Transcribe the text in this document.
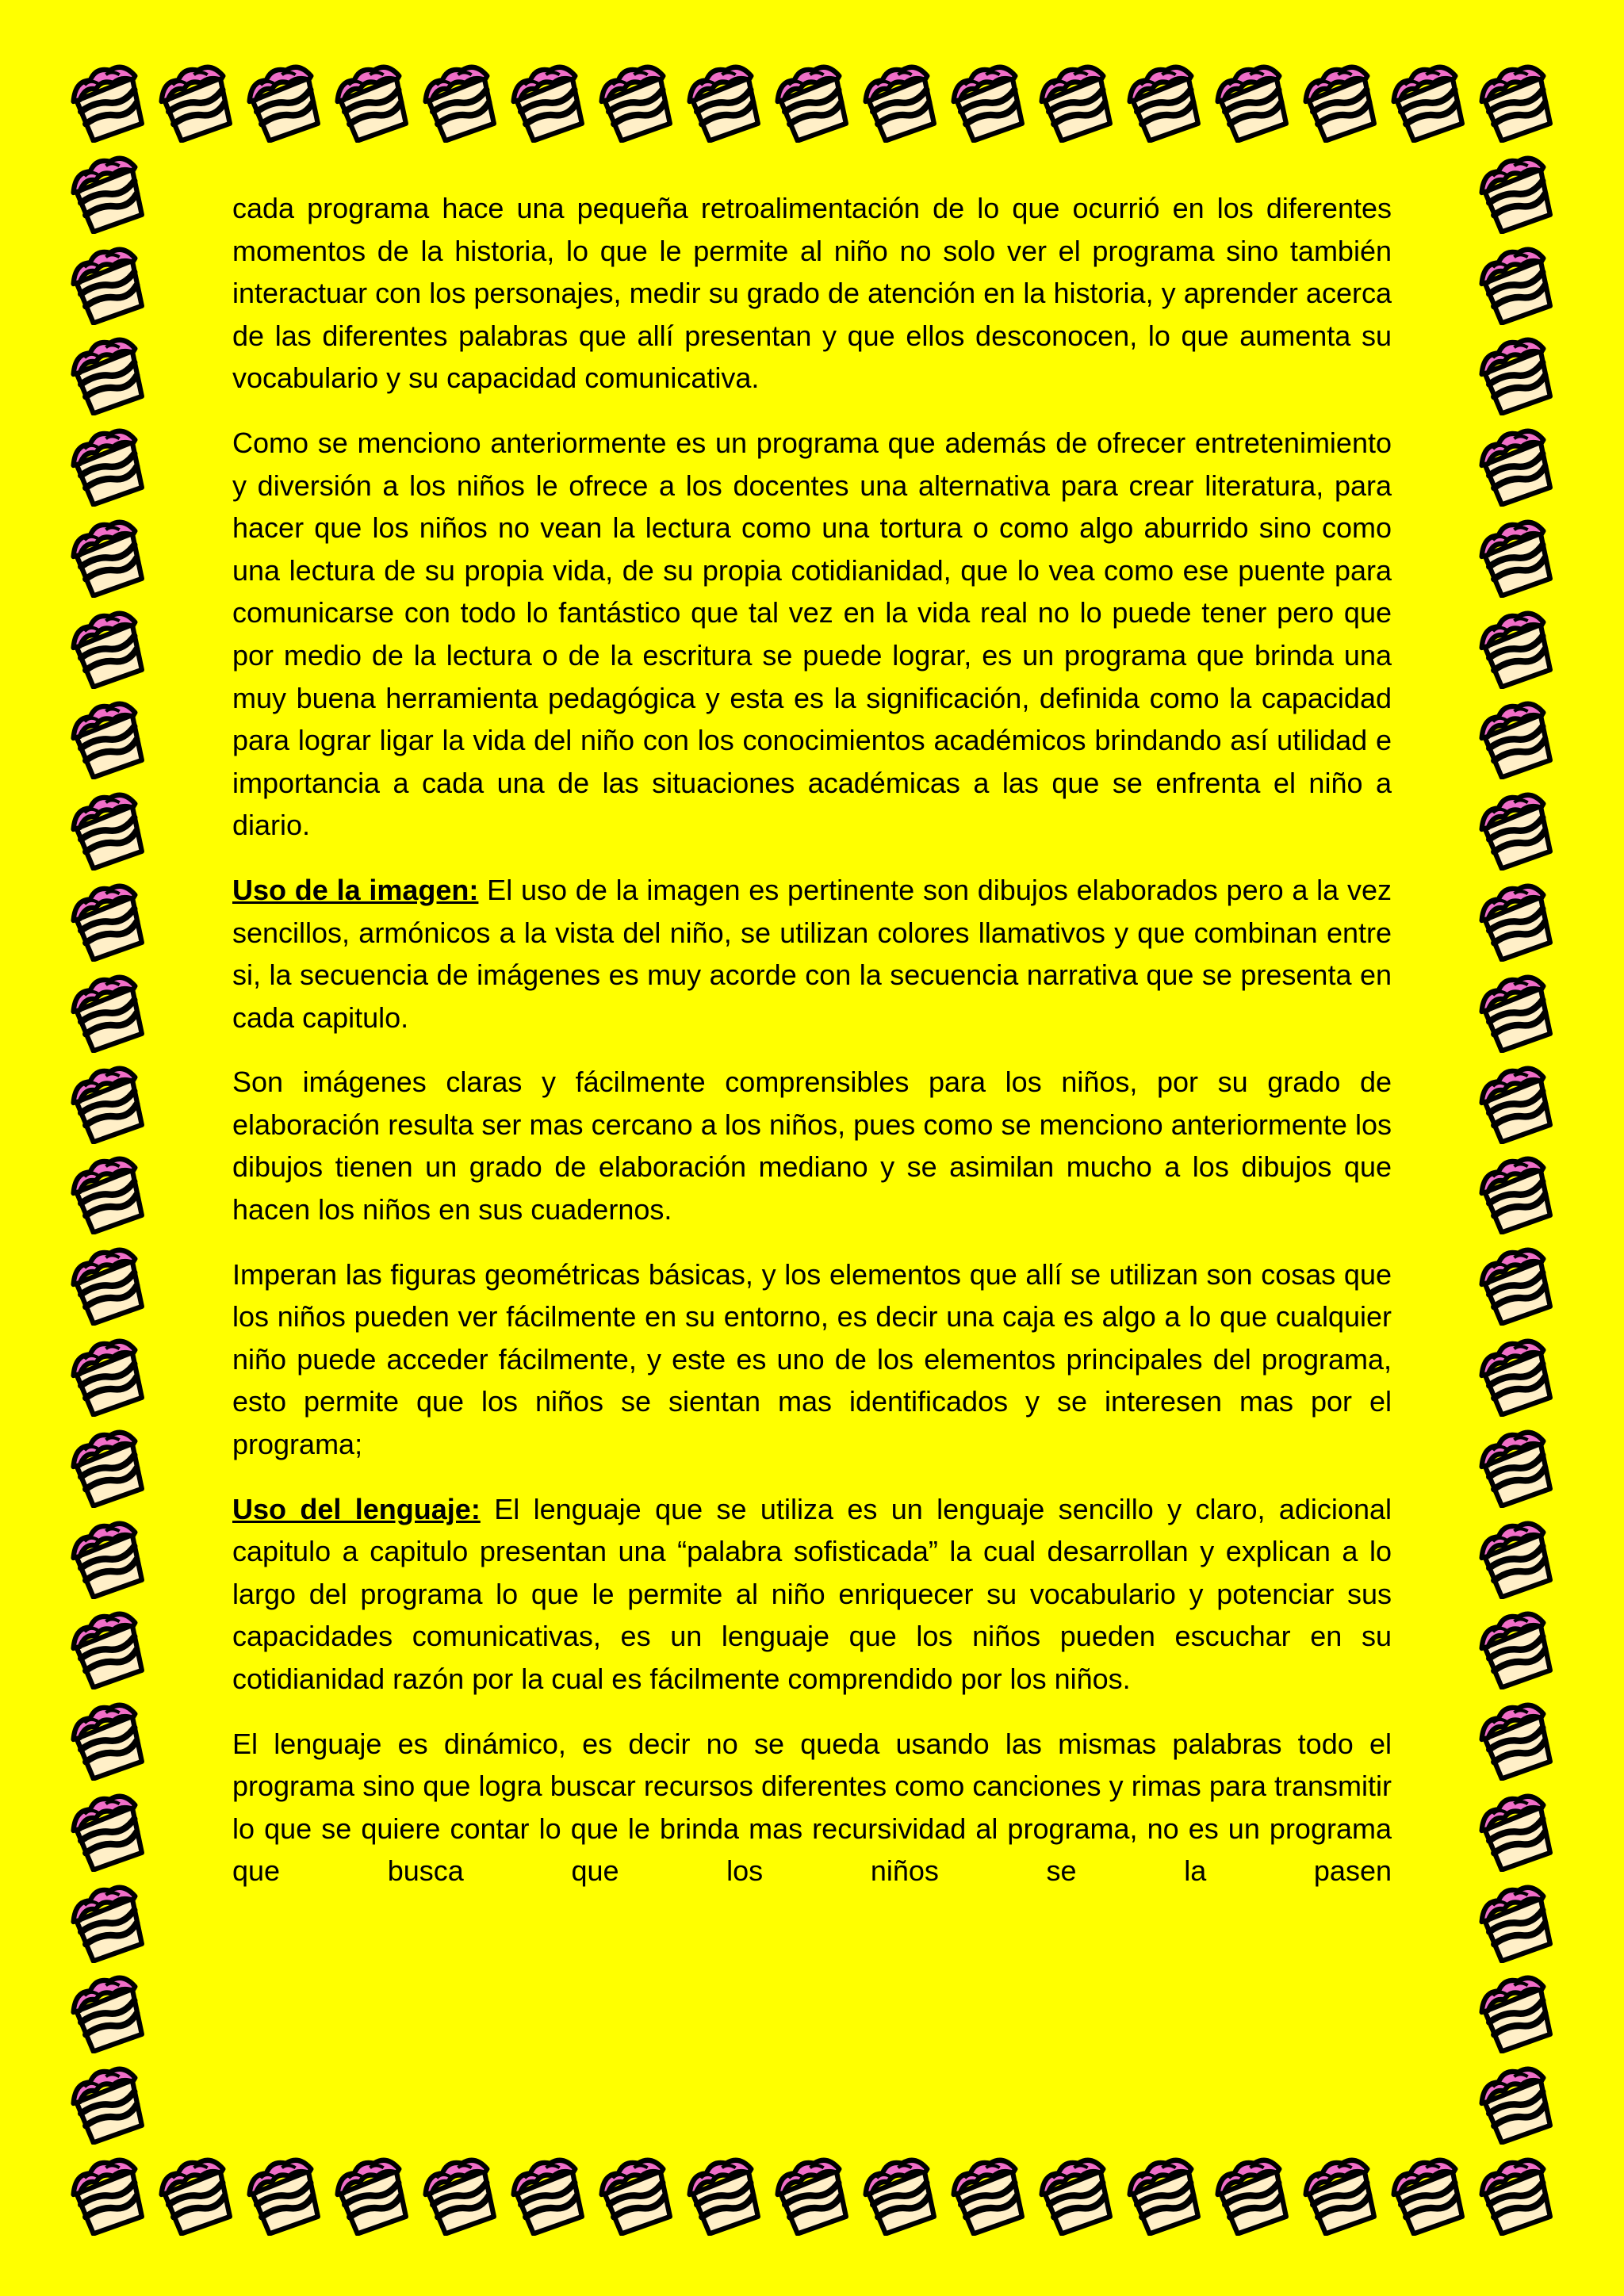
cada programa hace una pequeña retroalimentación de lo que ocurrió en los diferentes momentos de la historia, lo que le permite al niño no solo ver el programa sino también interactuar con los personajes, medir su grado de atención en la historia, y aprender acerca de las diferentes palabras que allí presentan y que ellos desconocen, lo que aumenta su vocabulario y su capacidad comunicativa.

Como se menciono anteriormente es un programa que además de ofrecer entretenimiento y diversión a los niños le ofrece a los docentes una alternativa para crear literatura, para hacer que los niños no vean la lectura como una tortura o como algo aburrido sino como una lectura de su propia vida, de su propia cotidianidad, que lo vea como ese puente para comunicarse con todo lo fantástico que tal vez en la vida real no lo puede tener pero que por medio de la lectura o de la escritura se puede lograr, es un programa que brinda una muy buena herramienta pedagógica y esta es la significación, definida como la capacidad para lograr ligar la vida del niño con los conocimientos académicos brindando así utilidad e importancia a cada una de las situaciones académicas a las que se enfrenta el niño a diario.

Uso de la imagen: El uso de la imagen es pertinente son dibujos elaborados pero a la vez sencillos, armónicos a la vista del niño, se utilizan colores llamativos y que combinan entre si, la secuencia de imágenes es muy acorde con la secuencia narrativa que se presenta en cada capitulo.

Son imágenes claras y fácilmente comprensibles para los niños, por su grado de elaboración resulta ser mas cercano a los niños, pues como se menciono anteriormente los dibujos tienen un grado de elaboración mediano y se asimilan mucho a los dibujos que hacen los niños en sus cuadernos.

Imperan las figuras geométricas básicas, y los elementos que allí se utilizan son cosas que los niños pueden ver fácilmente en su entorno, es decir una caja es algo a lo que cualquier niño puede acceder fácilmente, y este es uno de los elementos principales del programa, esto permite que los niños se sientan mas identificados y se interesen mas por el programa;

Uso del lenguaje: El lenguaje que se utiliza es un lenguaje sencillo y claro, adicional capitulo a capitulo presentan una “palabra sofisticada” la cual desarrollan y explican a lo largo del programa lo que le permite al niño enriquecer su vocabulario y potenciar sus capacidades comunicativas, es un lenguaje que los niños pueden escuchar en su cotidianidad razón por la cual es fácilmente comprendido por los niños.

El lenguaje es dinámico, es decir no se queda usando las mismas palabras todo el programa sino que logra buscar recursos diferentes como canciones y rimas para transmitir lo que se quiere contar lo que le brinda mas recursividad al programa, no es un programa que busca que los niños se la pasen
